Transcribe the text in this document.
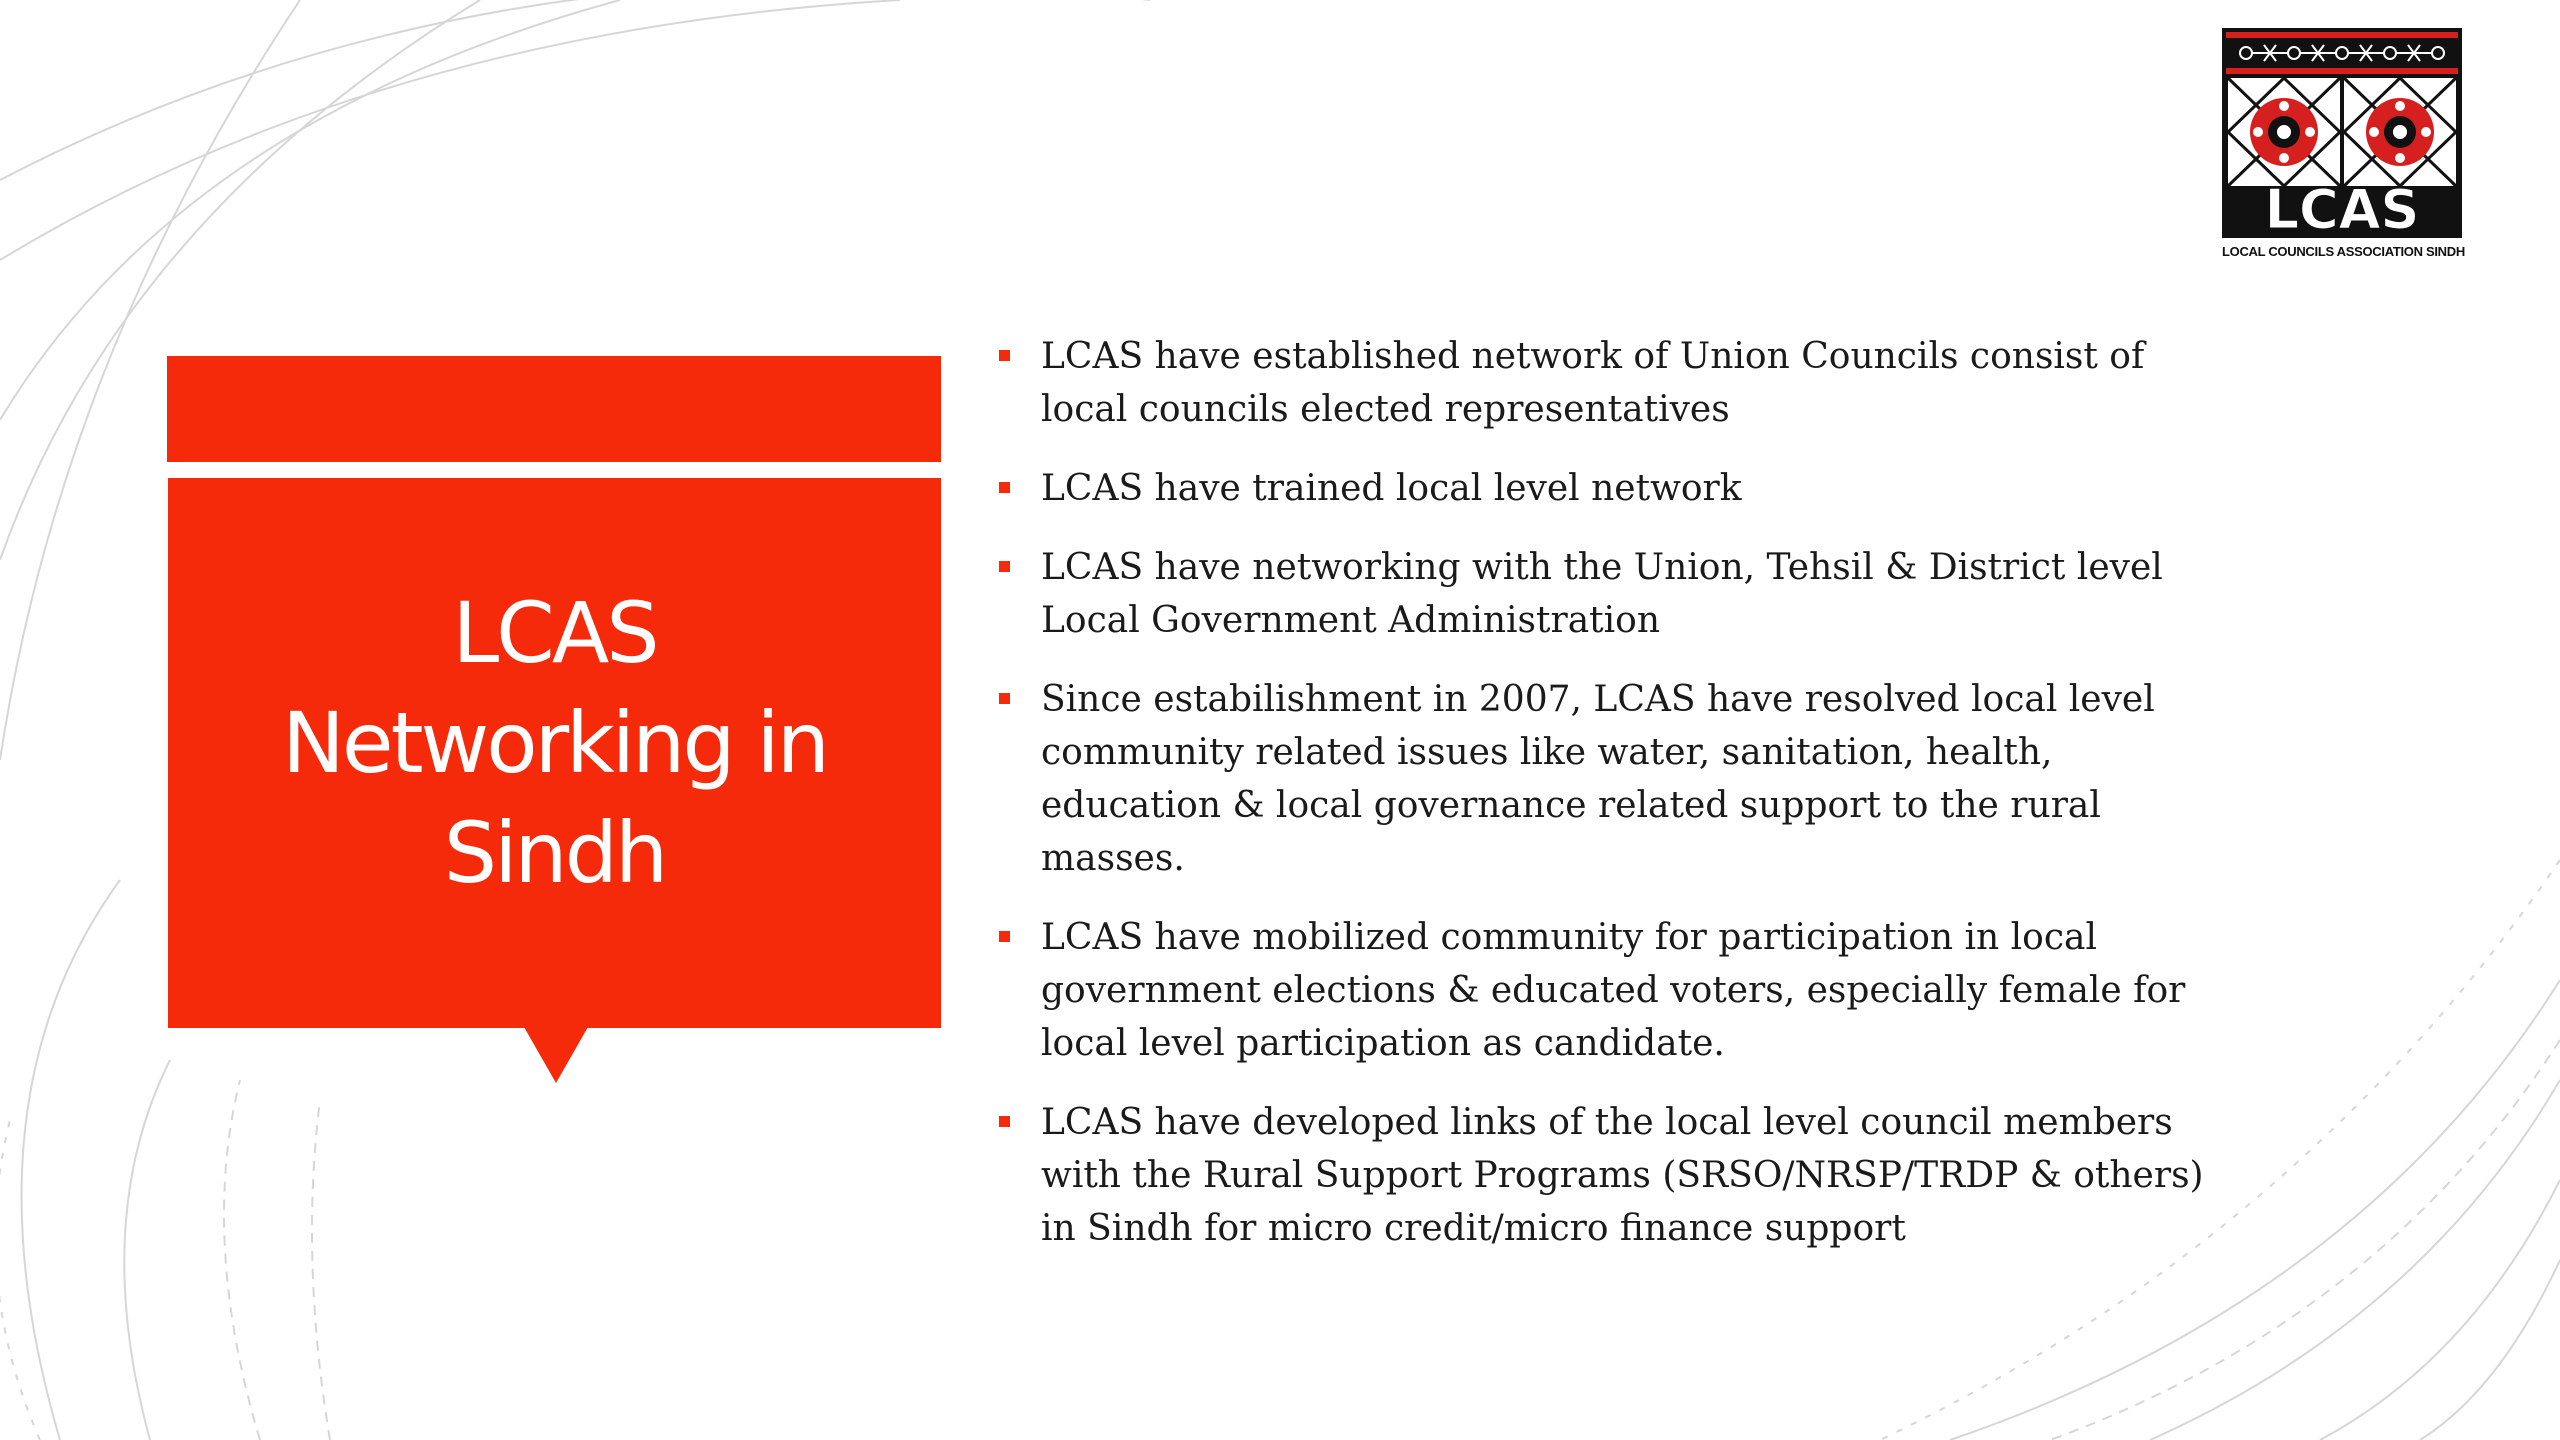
LCAS
Networking in
Sindh
LCAS have established network of Union Councils consist of local councils elected representatives
LCAS have trained local level network
LCAS have networking with the Union, Tehsil & District level Local Government Administration
Since estabilishment in 2007, LCAS have resolved local level community related issues like water, sanitation, health, education & local governance related support to the rural masses.
LCAS have mobilized community for participation in local government elections & educated voters, especially female for local level participation as candidate.
LCAS have developed links of the local level council members with the Rural Support Programs (SRSO/NRSP/TRDP & others) in Sindh for micro credit/micro finance support
LCAS
LOCAL COUNCILS ASSOCIATION SINDH
